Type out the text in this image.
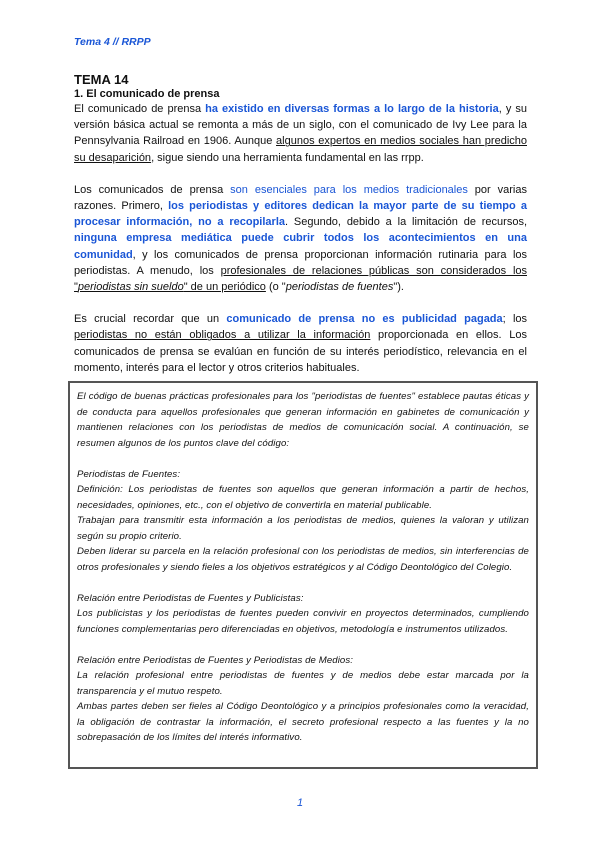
Tema 4 // RRPP
TEMA 14
1. El comunicado de prensa

El comunicado de prensa ha existido en diversas formas a lo largo de la historia, y su versión básica actual se remonta a más de un siglo, con el comunicado de Ivy Lee para la Pennsylvania Railroad en 1906. Aunque algunos expertos en medios sociales han predicho su desaparición, sigue siendo una herramienta fundamental en las rrpp.

Los comunicados de prensa son esenciales para los medios tradicionales por varias razones. Primero, los periodistas y editores dedican la mayor parte de su tiempo a procesar información, no a recopilarla. Segundo, debido a la limitación de recursos, ninguna empresa mediática puede cubrir todos los acontecimientos en una comunidad, y los comunicados de prensa proporcionan información rutinaria para los periodistas. A menudo, los profesionales de relaciones públicas son considerados los "periodistas sin sueldo" de un periódico (o "periodistas de fuentes").

Es crucial recordar que un comunicado de prensa no es publicidad pagada; los periodistas no están obligados a utilizar la información proporcionada en ellos. Los comunicados de prensa se evalúan en función de su interés periodístico, relevancia en el momento, interés para el lector y otros criterios habituales.

El código de buenas prácticas profesionales para los "periodistas de fuentes" establece pautas éticas y de conducta para aquellos profesionales que generan información en gabinetes de comunicación y mantienen relaciones con los periodistas de medios de comunicación social. A continuación, se resumen algunos de los puntos clave del código:

Periodistas de Fuentes:

Definición: Los periodistas de fuentes son aquellos que generan información a partir de hechos, necesidades, opiniones, etc., con el objetivo de convertirla en material publicable.

Trabajan para transmitir esta información a los periodistas de medios, quienes la valoran y utilizan según su propio criterio.

Deben liderar su parcela en la relación profesional con los periodistas de medios, sin interferencias de otros profesionales y siendo fieles a los objetivos estratégicos y al Código Deontológico del Colegio.

Relación entre Periodistas de Fuentes y Publicistas:

Los publicistas y los periodistas de fuentes pueden convivir en proyectos determinados, cumpliendo funciones complementarias pero diferenciadas en objetivos, metodología e instrumentos utilizados.

Relación entre Periodistas de Fuentes y Periodistas de Medios:

La relación profesional entre periodistas de fuentes y de medios debe estar marcada por la transparencia y el mutuo respeto.

Ambas partes deben ser fieles al Código Deontológico y a principios profesionales como la veracidad, la obligación de contrastar la información, el secreto profesional respecto a las fuentes y la no sobrepasación de los límites del interés informativo.

1
